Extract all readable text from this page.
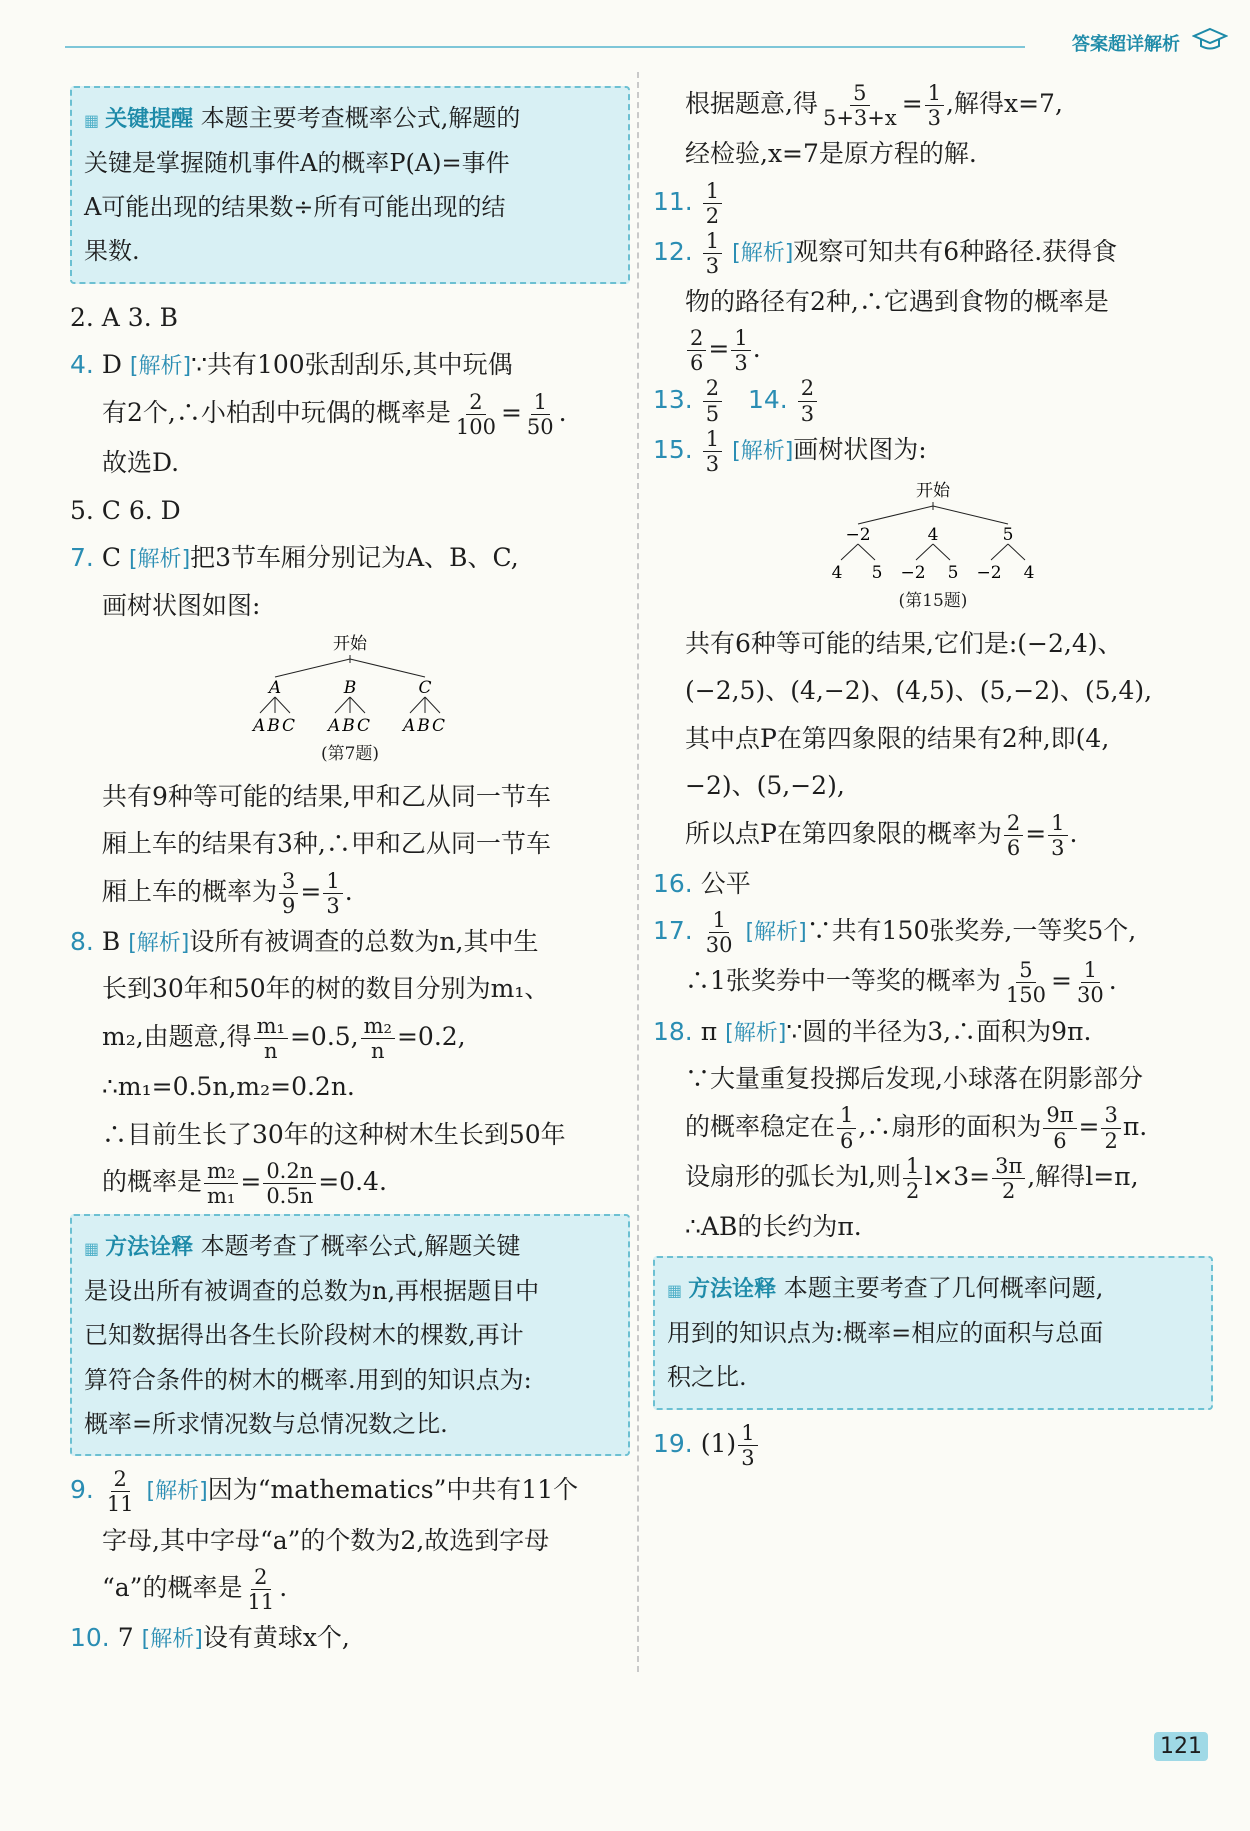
答案超详解析
▦ 关键提醒 本题主要考查概率公式,解题的
关键是掌握随机事件A的概率P(A)=事件
A可能出现的结果数÷所有可能出现的结
果数.
2. A 3. B
4. D [ 解析 ] ∵共有100张刮刮乐,其中玩偶
有2个,∴小柏刮中玩偶的概率是 $\frac{2}{100} = \frac{1}{50}$ .
故选D.
5. C 6. D
7. C [ 解析 ] 把3节车厢分别记为A、B、C,
画树状图如图:
开始
A	B	C
ABC ABC ABC
(第7题)
共有9种等可能的结果,甲和乙从同一节车
厢上车的结果有3种,∴甲和乙从同一节车
厢上车的概率为 $\frac{3}{9} = \frac{1}{3}$ .
8. B [ 解析 ] 设所有被调查的总数为n,其中生
长到30年和50年的树的数目分别为m₁、
m₂,由题意,得 $\frac{\text{m₁}}{n} =0.5$, $\frac{\text{m₂}}{n} =0.2$,
∴m₁=0.5n,m₂=0.2n.
∴目前生长了30年的这种树木生长到50年
的概率是 $\frac{\text{m₂}}{\text{m₁}} = \frac{0.2n}{0.5n} =0.4$.
▦ 方法诠释 本题考查了概率公式,解题关键
是设出所有被调查的总数为n,再根据题目中
已知数据得出各生长阶段树木的棵数,再计
算符合条件的树木的概率.用到的知识点为:
概率=所求情况数与总情况数之比.
9. $\frac{2}{11}$ [ 解析 ] 因为“mathematics”中共有11个
字母,其中字母“a”的个数为2,故选到字母
“a”的概率是 $\frac{2}{11}$ .
10. 7 [ 解析 ] 设有黄球x个,
根据题意,得 $\frac{5}{5+3+x} = \frac{1}{3}$ ,解得x=7,
经检验,x=7是原方程的解.
11. $\frac{1}{2}$
12. $\frac{1}{3}$ [ 解析 ] 观察可知共有6种路径.获得食
物的路径有2种,∴它遇到食物的概率是
$\frac{2}{6} = \frac{1}{3}$ .
13. $\frac{2}{5} 14$. $\frac{2}{3}$
15. $\frac{1}{3}$ [ 解析 ] 画树状图为:
开始
−2	4	5
4 5 −2 5 −2 4
(第15题)
共有6种等可能的结果,它们是:(−2,4)、
(−2,5)、(4,−2)、(4,5)、(5,−2)、(5,4),
其中点P在第四象限的结果有2种,即(4,
−2)、(5,−2),
所以点P在第四象限的概率为 $\frac{2}{6} = \frac{1}{3}$ .
16. 公平
17. $\frac{1}{30}$ [ 解析 ] ∵共有150张奖券,一等奖5个,
∴1张奖券中一等奖的概率为 $\frac{5}{150} = \frac{1}{30}$ .
18. π [ 解析 ] ∵圆的半径为3,∴面积为9π.
∵大量重复投掷后发现,小球落在阴影部分
的概率稳定在 $\frac{1}{6}$ ,∴扇形的面积为 $\frac{9\pi}{6} = \frac{3}{2} \pi$.
设扇形的弧长为l,则 $\frac{1}{2} l\times 3= \frac{3\pi}{2}$ ,解得l=π,
∴AB的长约为π.
▦ 方法诠释 本题主要考查了几何概率问题,
用到的知识点为:概率=相应的面积与总面
积之比.
19. $(1) \frac{1}{3}$
121
